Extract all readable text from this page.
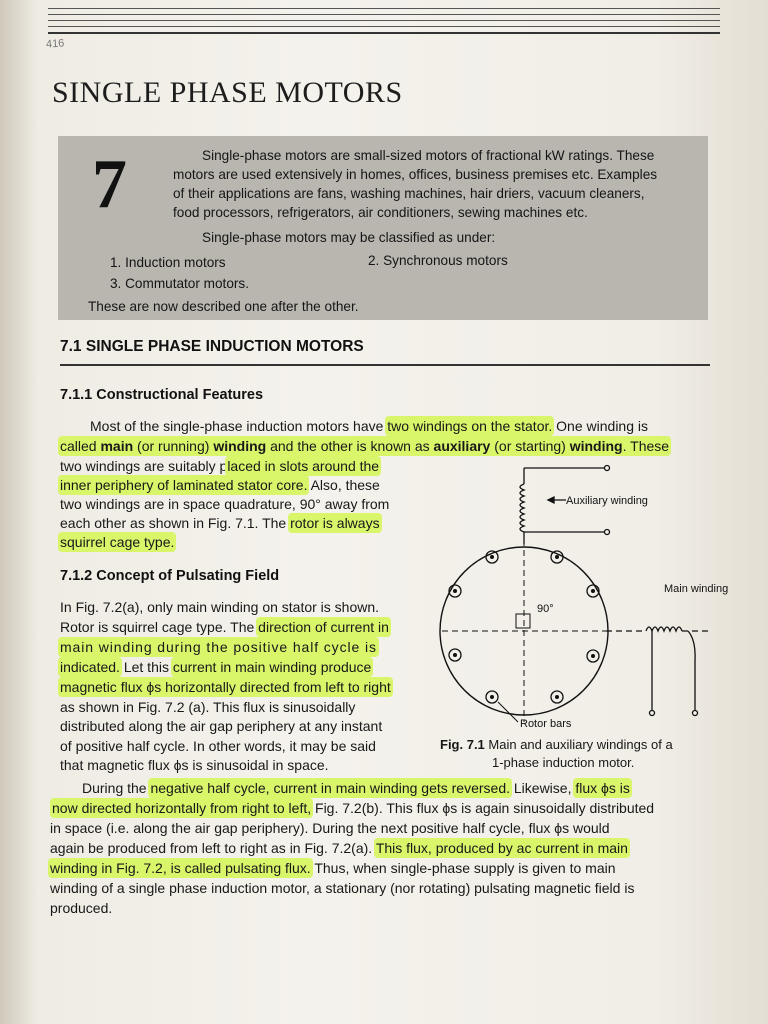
416
SINGLE PHASE MOTORS
7	Single-phase motors are small-sized motors of fractional kW ratings. These
motors are used extensively in homes, offices, business premises etc. Examples
of their applications are fans, washing machines, hair driers, vacuum cleaners,
food processors, refrigerators, air conditioners, sewing machines etc.
Single-phase motors may be classified as under:
1. Induction motors	2. Synchronous motors
3. Commutator motors.
These are now described one after the other.
7.1 SINGLE PHASE INDUCTION MOTORS
7.1.1 Constructional Features
Most of the single-phase induction motors have two windings on the stator. One winding is
called main (or running) winding and the other is known as auxiliary (or starting) winding. These
two windings are suitably placed in slots around the
inner periphery of laminated stator core. Also, these
two windings are in space quadrature, 90° away from
each other as shown in Fig. 7.1. The rotor is always
squirrel cage type.
7.1.2 Concept of Pulsating Field
In Fig. 7.2(a), only main winding on stator is shown.
Rotor is squirrel cage type. The direction of current in
main winding during the positive half cycle is
indicated. Let this current in main winding produce
magnetic flux ϕs horizontally directed from left to right
as shown in Fig. 7.2 (a). This flux is sinusoidally
distributed along the air gap periphery at any instant
of positive half cycle. In other words, it may be said
that magnetic flux ϕs is sinusoidal in space.
Fig. 7.1 Main and auxiliary windings of a
1-phase induction motor.
During the negative half cycle, current in main winding gets reversed. Likewise, flux ϕs is
now directed horizontally from right to left, Fig. 7.2(b). This flux ϕs is again sinusoidally distributed
in space (i.e. along the air gap periphery). During the next positive half cycle, flux ϕs would
again be produced from left to right as in Fig. 7.2(a). This flux, produced by ac current in main
winding in Fig. 7.2, is called pulsating flux. Thus, when single-phase supply is given to main
winding of a single phase induction motor, a stationary (nor rotating) pulsating magnetic field is
produced.
90°
Auxiliary winding
Main winding
Rotor bars
